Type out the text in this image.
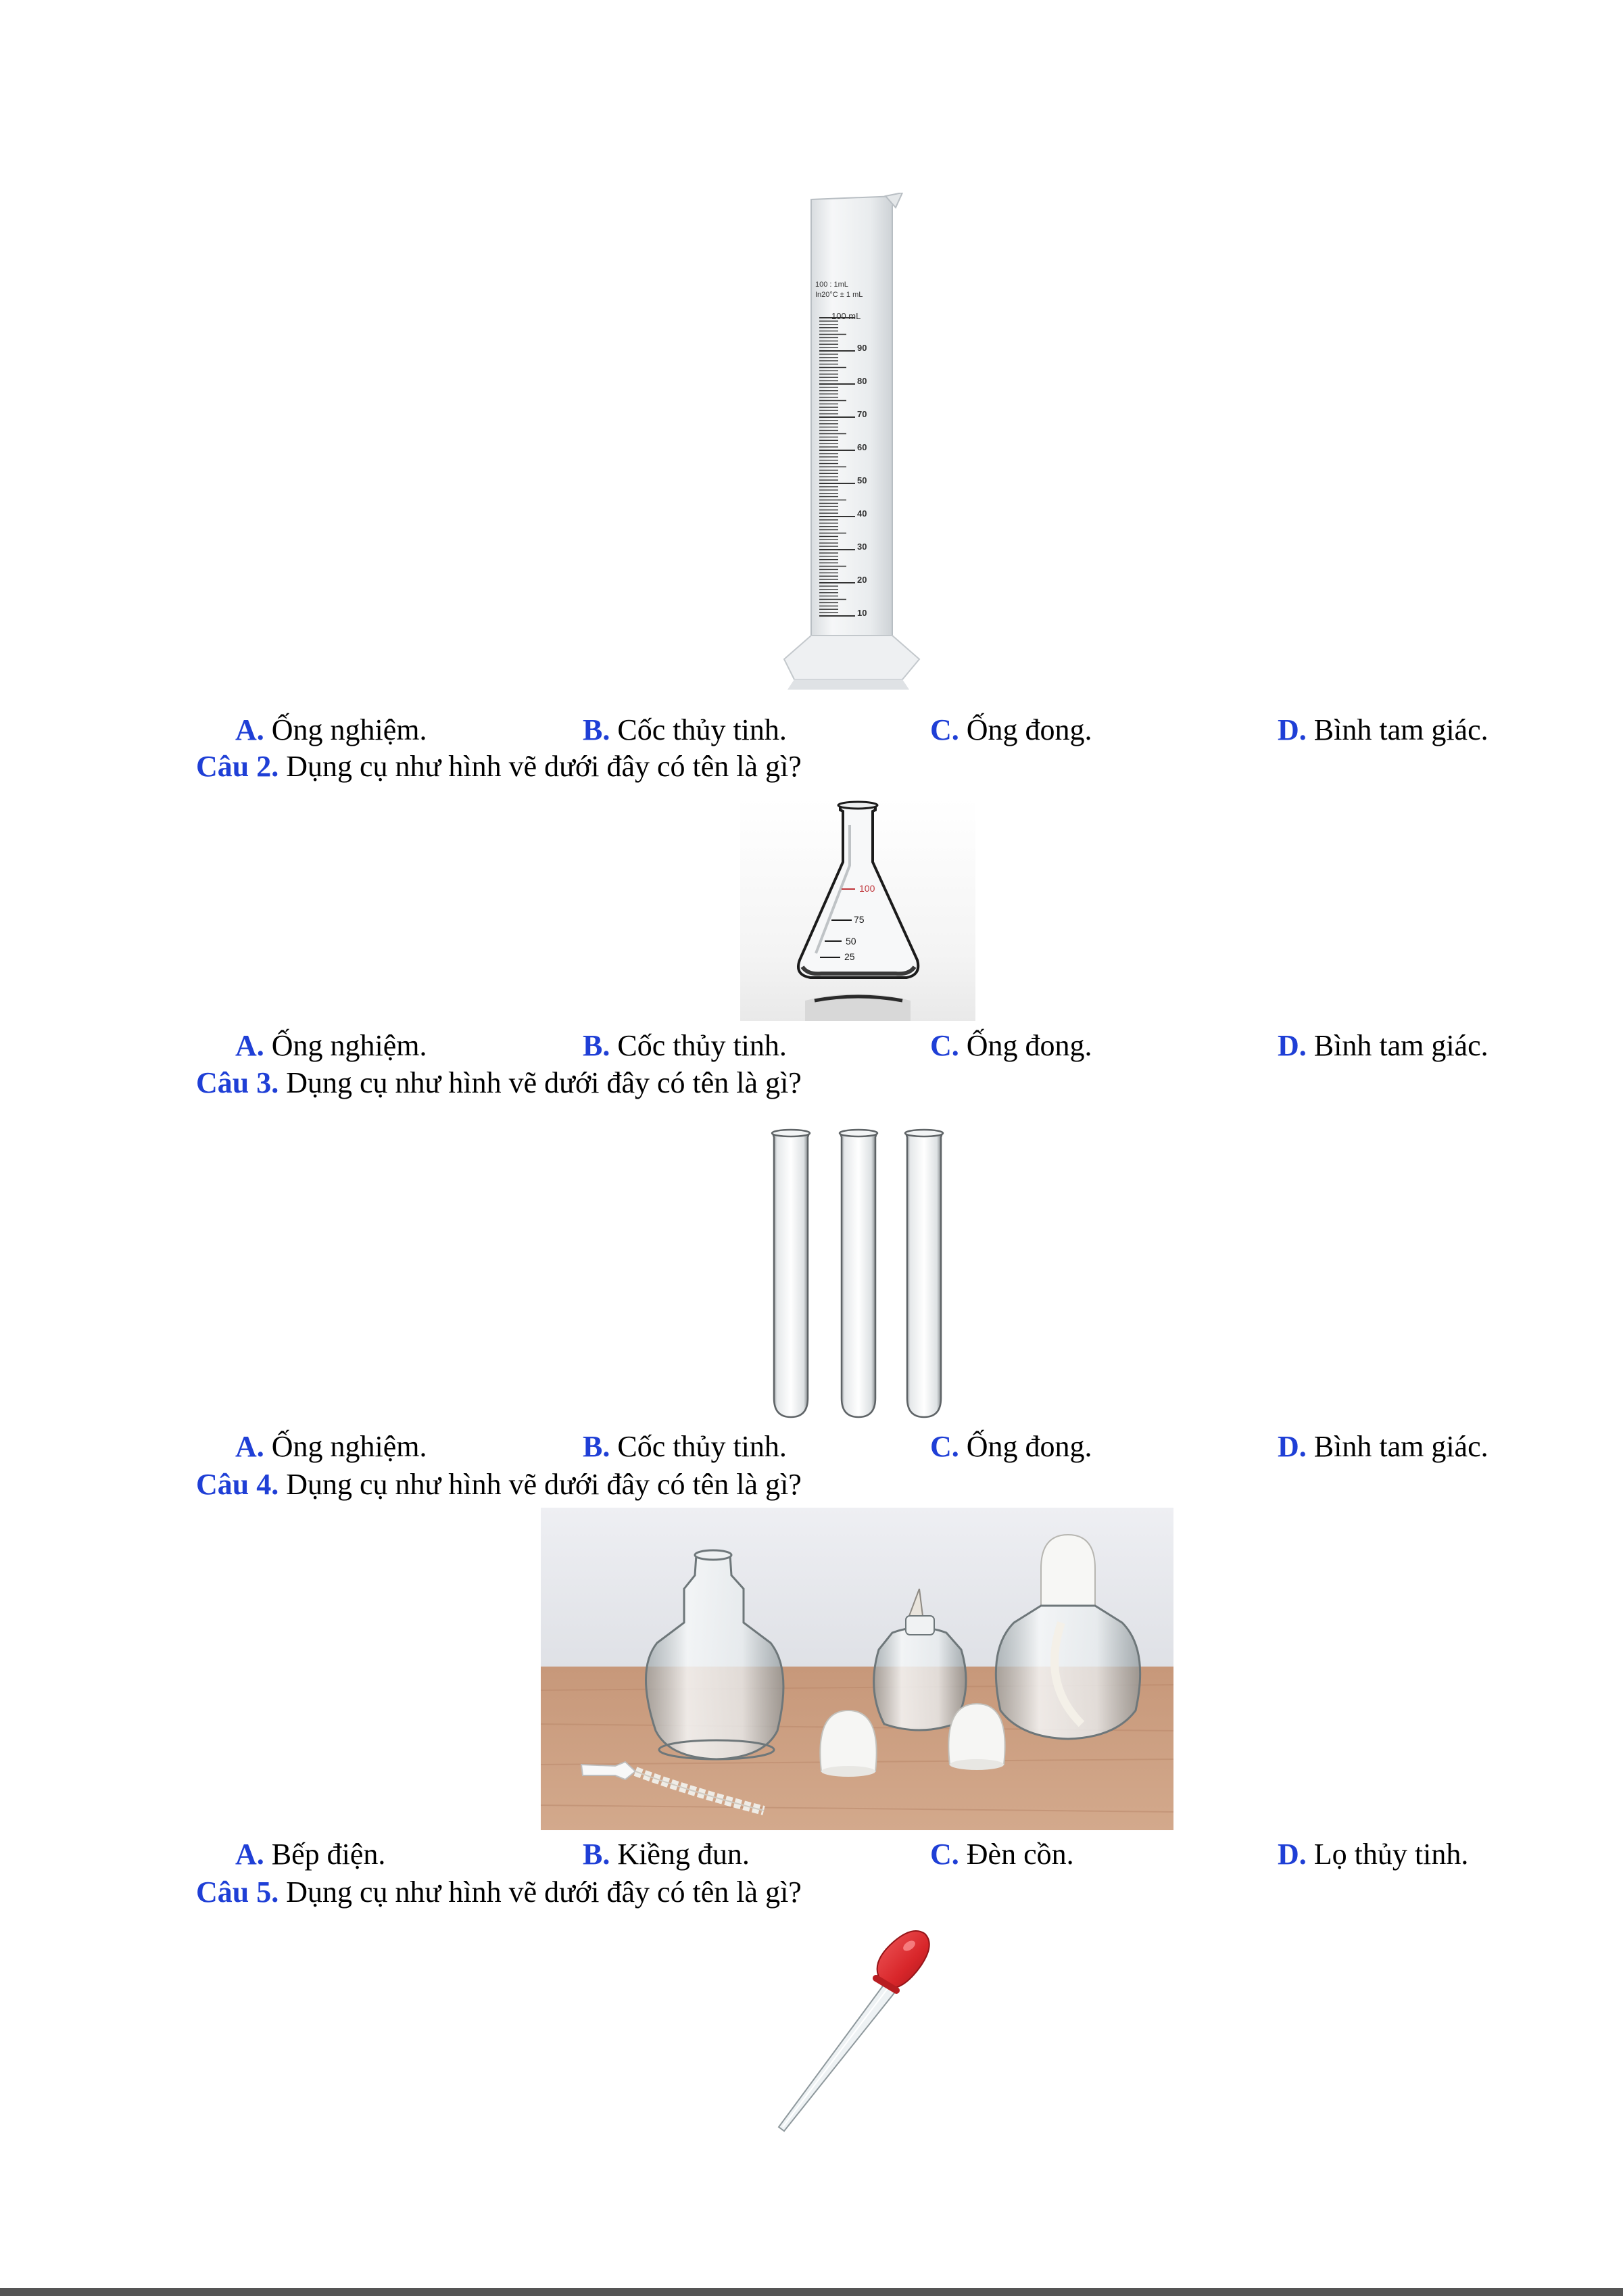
100 : 1mL
In20°C ± 1 mL
100 mL
90
80
70
60
50
40
30
20
10
A. Ống nghiệm.	B. Cốc thủy tinh.	C. Ống đong.	D. Bình tam giác.
Câu 2. Dụng cụ như hình vẽ dưới đây có tên là gì?
100
75
50
25
A. Ống nghiệm.	B. Cốc thủy tinh.	C. Ống đong.	D. Bình tam giác.
Câu 3. Dụng cụ như hình vẽ dưới đây có tên là gì?
A. Ống nghiệm.	B. Cốc thủy tinh.	C. Ống đong.	D. Bình tam giác.
Câu 4. Dụng cụ như hình vẽ dưới đây có tên là gì?
A. Bếp điện.	B. Kiềng đun.	C. Đèn cồn.	D. Lọ thủy tinh.
Câu 5. Dụng cụ như hình vẽ dưới đây có tên là gì?
